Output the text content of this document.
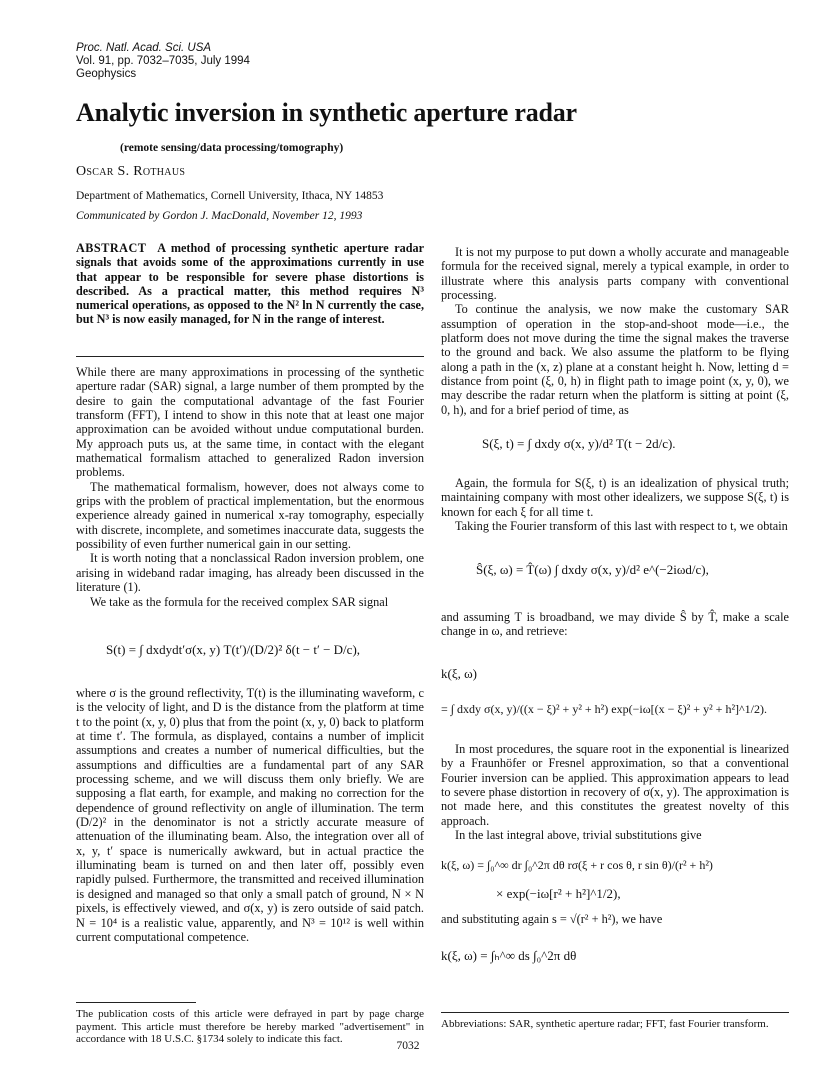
Proc. Natl. Acad. Sci. USA
Vol. 91, pp. 7032–7035, July 1994
Geophysics
Analytic inversion in synthetic aperture radar
(remote sensing/data processing/tomography)
Oscar S. Rothaus
Department of Mathematics, Cornell University, Ithaca, NY 14853
Communicated by Gordon J. MacDonald, November 12, 1993
ABSTRACT A method of processing synthetic aperture radar signals that avoids some of the approximations currently in use that appear to be responsible for severe phase distortions is described. As a practical matter, this method requires N³ numerical operations, as opposed to the N² ln N currently the case, but N³ is now easily managed, for N in the range of interest.

While there are many approximations in processing of the synthetic aperture radar (SAR) signal, a large number of them prompted by the desire to gain the computational advantage of the fast Fourier transform (FFT), I intend to show in this note that at least one major approximation can be avoided without undue computational burden. My approach puts us, at the same time, in contact with the elegant mathematical formalism attached to generalized Radon inversion problems.

The mathematical formalism, however, does not always come to grips with the problem of practical implementation, but the enormous experience already gained in numerical x-ray tomography, especially with discrete, incomplete, and sometimes inaccurate data, suggests the possibility of even further numerical gain in our setting.

It is worth noting that a nonclassical Radon inversion problem, one arising in wideband radar imaging, has already been discussed in the literature (1).

We take as the formula for the received complex SAR signal

S(t) = ∫ dxdydt′σ(x, y) T(t′)/(D/2)² δ(t − t′ − D/c),

where σ is the ground reflectivity, T(t) is the illuminating waveform, c is the velocity of light, and D is the distance from the platform at time t to the point (x, y, 0) plus that from the point (x, y, 0) back to platform at time t′. The formula, as displayed, contains a number of implicit assumptions and creates a number of numerical difficulties, but the assumptions and difficulties are a fundamental part of any SAR processing scheme, and we will discuss them only briefly. We are supposing a flat earth, for example, and making no correction for the dependence of ground reflectivity on angle of illumination. The term (D/2)² in the denominator is not a strictly accurate measure of attenuation of the illuminating beam. Also, the integration over all of x, y, t′ space is numerically awkward, but in actual practice the illuminating beam is turned on and then later off, possibly even rapidly pulsed. Furthermore, the transmitted and received illumination is designed and managed so that only a small patch of ground, N × N pixels, is effectively viewed, and σ(x, y) is zero outside of said patch. N = 10⁴ is a realistic value, apparently, and N³ = 10¹² is well within current computational competence.

The publication costs of this article were defrayed in part by page charge payment. This article must therefore be hereby marked "advertisement" in accordance with 18 U.S.C. §1734 solely to indicate this fact.

It is not my purpose to put down a wholly accurate and manageable formula for the received signal, merely a typical example, in order to illustrate where this analysis parts company with conventional processing.

To continue the analysis, we now make the customary SAR assumption of operation in the stop-and-shoot mode—i.e., the platform does not move during the time the signal makes the traverse to the ground and back. We also assume the platform to be flying along a path in the (x, z) plane at a constant height h. Now, letting d = distance from point (ξ, 0, h) in flight path to image point (x, y, 0), we may describe the radar return when the platform is sitting at point (ξ, 0, h), and for a brief period of time, as

S(ξ, t) = ∫ dxdy σ(x, y)/d² T(t − 2d/c).

Again, the formula for S(ξ, t) is an idealization of physical truth; maintaining company with most other idealizers, we suppose S(ξ, t) is known for each ξ for all time t.

Taking the Fourier transform of this last with respect to t, we obtain

Ŝ(ξ, ω) = T̂(ω) ∫ dxdy σ(x, y)/d² e^(−2iωd/c),

and assuming T is broadband, we may divide Ŝ by T̂, make a scale change in ω, and retrieve:

k(ξ, ω)
= ∫ dxdy σ(x, y)/((x − ξ)² + y² + h²) exp(−iω[(x − ξ)² + y² + h²]^1/2).

In most procedures, the square root in the exponential is linearized by a Fraunhöfer or Fresnel approximation, so that a conventional Fourier inversion can be applied. This approximation appears to lead to severe phase distortion in recovery of σ(x, y). The approximation is not made here, and this constitutes the greatest novelty of this approach.

In the last integral above, trivial substitutions give

k(ξ, ω) = ∫₀^∞ dr ∫₀^2π dθ rσ(ξ + r cos θ, r sin θ)/(r² + h²)
× exp(−iω[r² + h²]^1/2),

and substituting again s = √(r² + h²), we have

k(ξ, ω) = ∫ₕ^∞ ds ∫₀^2π dθ
Abbreviations: SAR, synthetic aperture radar; FFT, fast Fourier transform.
7032
